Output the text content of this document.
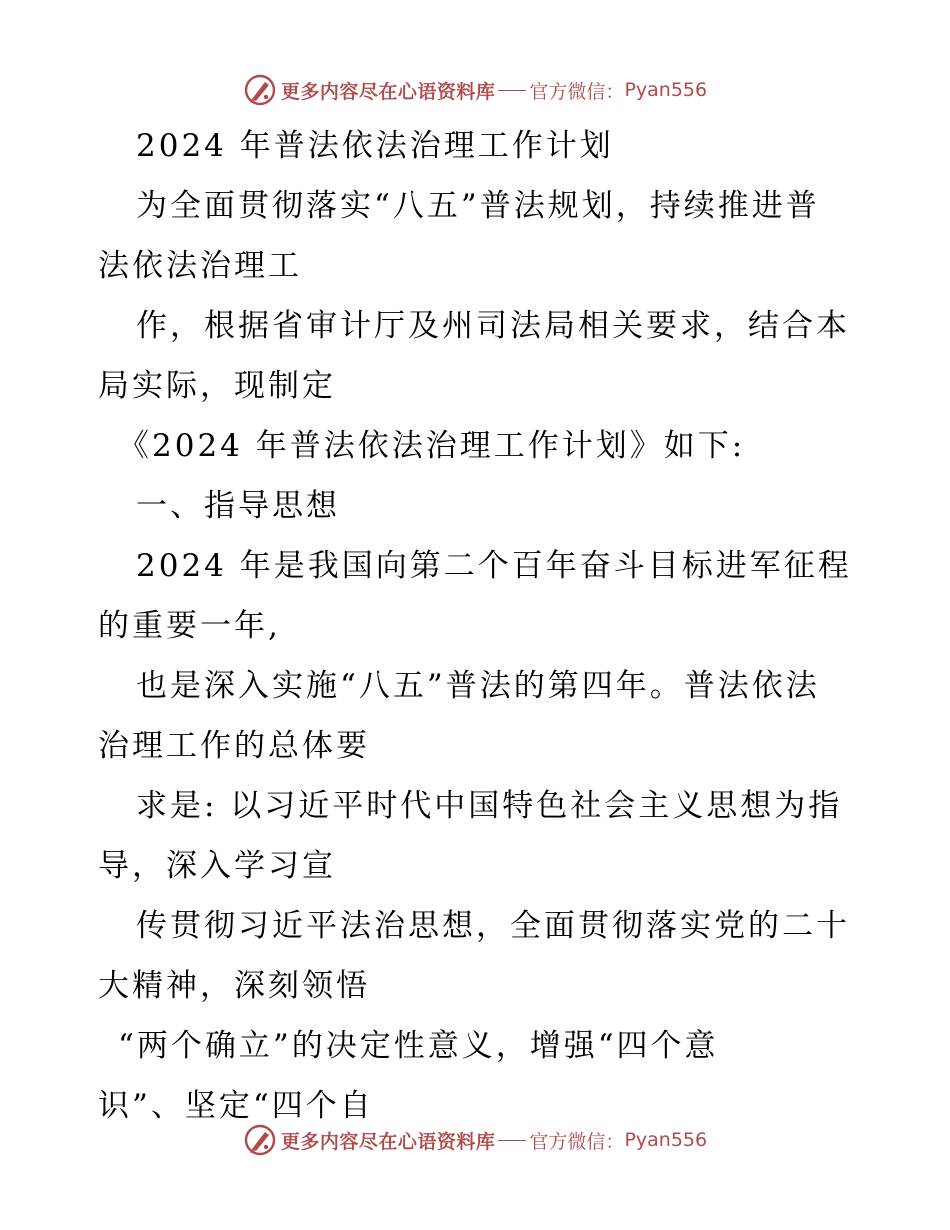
更多内容尽在心语资料库 官方微信： Pyan556
2024 年普法依法治理工作计划
为全面贯彻落实“八五”普法规划，持续推进普
法依法治理工
作，根据省审计厅及州司法局相关要求，结合本
局实际，现制定
《2024 年普法依法治理工作计划》如下:
一、指导思想
2024 年是我国向第二个百年奋斗目标进军征程
的重要一年,
也是深入实施“八五”普法的第四年。普法依法
治理工作的总体要
求是: 以习近平时代中国特色社会主义思想为指
导，深入学习宣
传贯彻习近平法治思想，全面贯彻落实党的二十
大精神，深刻领悟
“两个确立”的决定性意义，增强“四个意
识”、坚定“四个自
更多内容尽在心语资料库 官方微信： Pyan556
